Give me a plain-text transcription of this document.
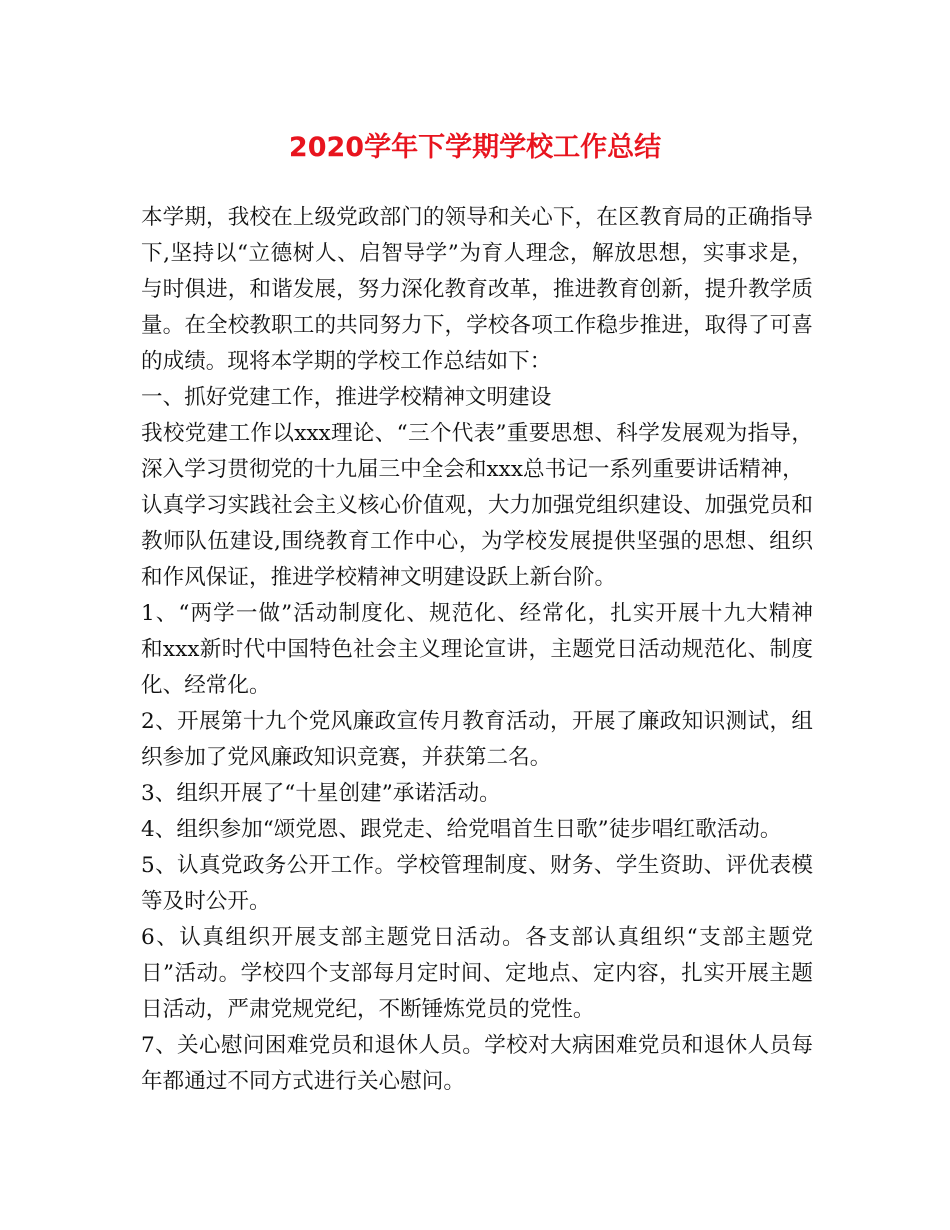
2020学年下学期学校工作总结
本学期，我校在上级党政部门的领导和关心下，在区教育局的正确指导
下,坚持以“立德树人、启智导学”为育人理念，解放思想，实事求是，
与时俱进，和谐发展，努力深化教育改革，推进教育创新，提升教学质
量。在全校教职工的共同努力下，学校各项工作稳步推进，取得了可喜
的成绩。现将本学期的学校工作总结如下：
一、抓好党建工作，推进学校精神文明建设
我校党建工作以xxx理论、“三个代表”重要思想、科学发展观为指导，
深入学习贯彻党的十九届三中全会和xxx总书记一系列重要讲话精神，
认真学习实践社会主义核心价值观，大力加强党组织建设、加强党员和
教师队伍建设,围绕教育工作中心，为学校发展提供坚强的思想、组织
和作风保证，推进学校精神文明建设跃上新台阶。
1、“两学一做”活动制度化、规范化、经常化，扎实开展十九大精神
和xxx新时代中国特色社会主义理论宣讲，主题党日活动规范化、制度
化、经常化。
2、开展第十九个党风廉政宣传月教育活动，开展了廉政知识测试，组
织参加了党风廉政知识竞赛，并获第二名。
3、组织开展了“十星创建”承诺活动。
4、组织参加“颂党恩、跟党走、给党唱首生日歌”徒步唱红歌活动。
5、认真党政务公开工作。学校管理制度、财务、学生资助、评优表模
等及时公开。
6、认真组织开展支部主题党日活动。各支部认真组织“支部主题党
日”活动。学校四个支部每月定时间、定地点、定内容，扎实开展主题
日活动，严肃党规党纪，不断锤炼党员的党性。
7、关心慰问困难党员和退休人员。学校对大病困难党员和退休人员每
年都通过不同方式进行关心慰问。
